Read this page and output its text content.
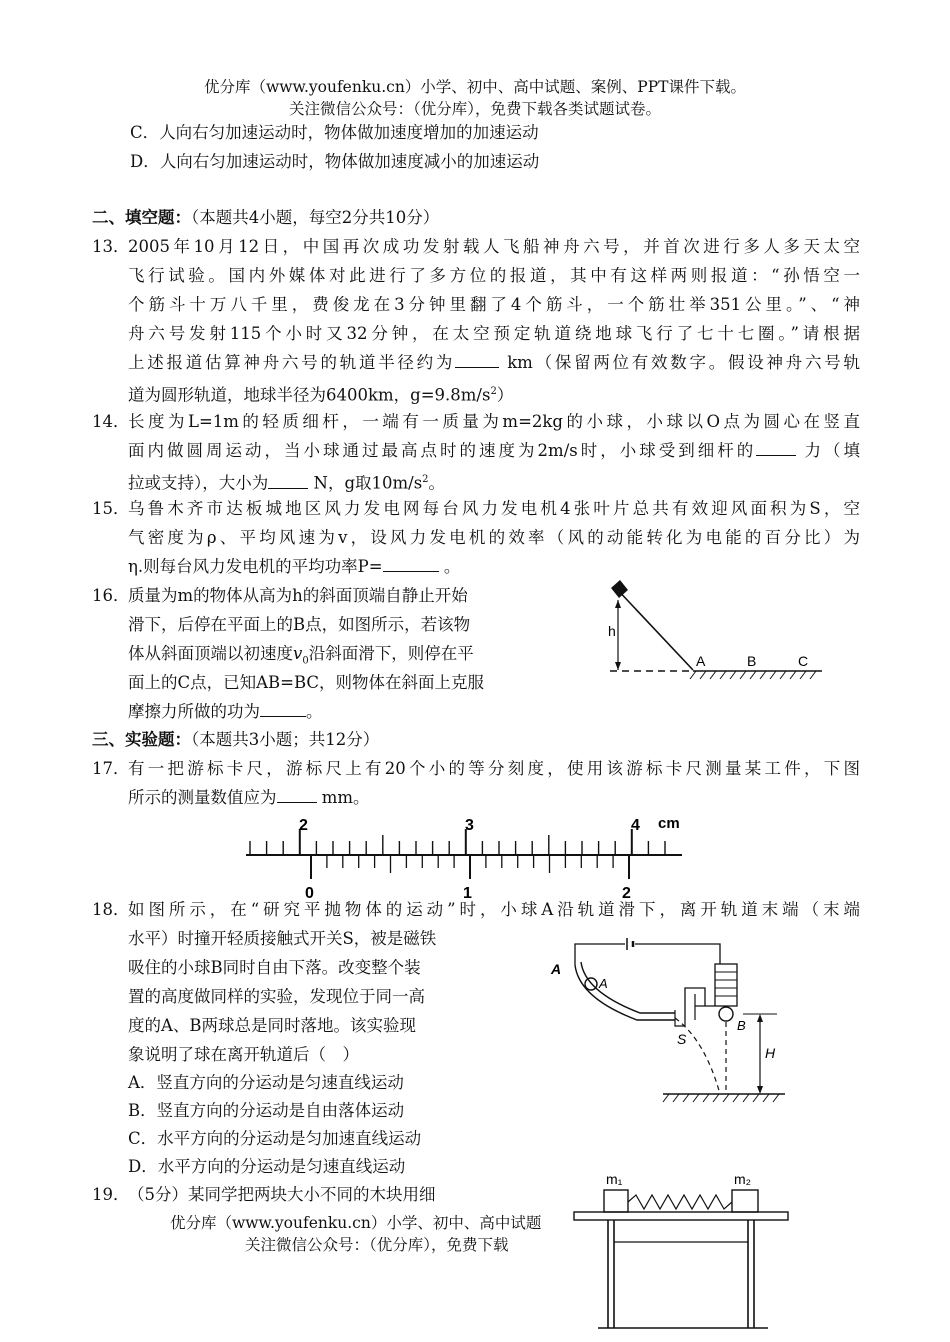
优分库（www.youfenku.cn）小学、初中、高中试题、案例、PPT课件下载。
关注微信公众号：（优分库），免费下载各类试题试卷。
C．人向右匀加速运动时，物体做加速度增加的加速运动
D．人向右匀加速运动时，物体做加速度减小的加速运动
二、填空题：（本题共4小题，每空2分共10分）
13．
2005年10月12日，中国再次成功发射载人飞船神舟六号，并首次进行多人多天太空
飞行试验。国内外媒体对此进行了多方位的报道，其中有这样两则报道：“孙悟空一
个筋斗十万八千里，费俊龙在3分钟里翻了4个筋斗，一个筋壮举351公里。”、“神
舟六号发射115个小时又32分钟，在太空预定轨道绕地球飞行了七十七圈。”请根据
上述报道估算神舟六号的轨道半径约为	km（保留两位有效数字。假设神舟六号轨
道为圆形轨道，地球半径为6400km，$g=9.8m/s^2$）
14．
长度为L=1m的轻质细杆，一端有一质量为m=2kg的小球，小球以O点为圆心在竖直
面内做圆周运动，当小球通过最高点时的速度为2m/s时，小球受到细杆的	力（填
拉或支持），大小为	N，g取$10m/s^2$。
15．
乌鲁木齐市达板城地区风力发电网每台风力发电机4张叶片总共有效迎风面积为S，空
气密度为ρ、平均风速为v，设风力发电机的效率（风的动能转化为电能的百分比）为
η.则每台风力发电机的平均功率P=	。
16．
质量为m的物体从高为h的斜面顶端自静止开始
滑下，后停在平面上的B点，如图所示，若该物
体从斜面顶端以初速度$v_0$沿斜面滑下，则停在平
面上的C点，已知AB=BC，则物体在斜面上克服
摩擦力所做的功为	。
h
A	B	C
三、实验题：（本题共3小题；共12分）
17．
有一把游标卡尺，游标尺上有20个小的等分刻度，使用该游标卡尺测量某工件，下图
所示的测量数值应为	mm。
2	3	4 cm
0	1	2
18．
如图所示，在“研究平抛物体的运动”时，小球A沿轨道滑下，离开轨道末端（末端
水平）时撞开轻质接触式开关S，被是磁铁
吸住的小球B同时自由下落。改变整个装
置的高度做同样的实验，发现位于同一高
度的A、B两球总是同时落地。该实验现
象说明了球在离开轨道后（　）
A．竖直方向的分运动是匀速直线运动
B．竖直方向的分运动是自由落体运动
C．水平方向的分运动是匀加速直线运动
D．水平方向的分运动是匀速直线运动
A
A
S
B
H
19．
（5分）某同学把两块大小不同的木块用细
m₁	m₂
优分库（www.youfenku.cn）小学、初中、高中试题
关注微信公众号：（优分库），免费下载
